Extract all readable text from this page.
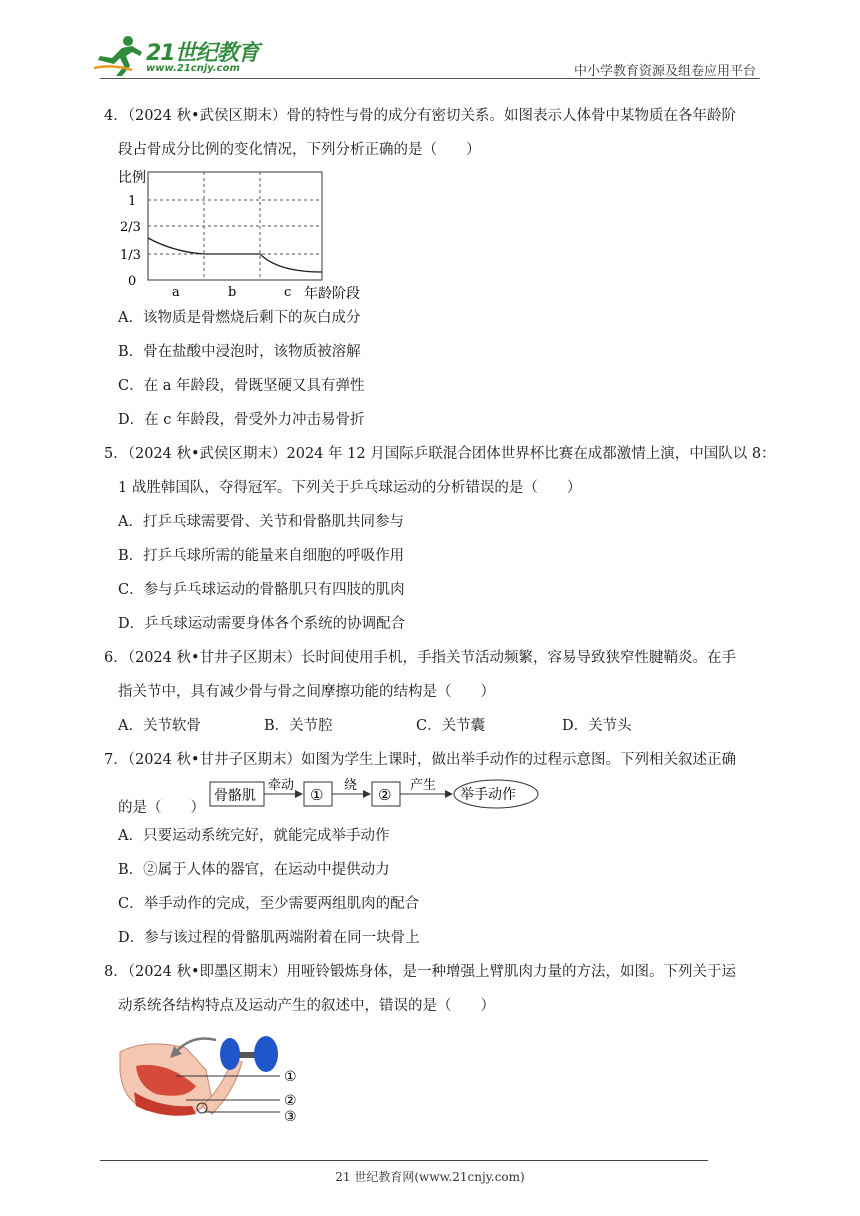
21世纪教育
www.21cnjy.com	中小学教育资源及组卷应用平台
4．（2024 秋•武侯区期末）骨的特性与骨的成分有密切关系。如图表示人体骨中某物质在各年龄阶
段占骨成分比例的变化情况，下列分析正确的是（　　）
比例
1
2/3
1/3
0
a	b	c 年龄阶段
A．该物质是骨燃烧后剩下的灰白成分
B．骨在盐酸中浸泡时，该物质被溶解
C．在 a 年龄段，骨既坚硬又具有弹性
D．在 c 年龄段，骨受外力冲击易骨折
5．（2024 秋•武侯区期末）2024 年 12 月国际乒联混合团体世界杯比赛在成都激情上演，中国队以 8：
1 战胜韩国队，夺得冠军。下列关于乒乓球运动的分析错误的是（　　）
A．打乒乓球需要骨、关节和骨骼肌共同参与
B．打乒乓球所需的能量来自细胞的呼吸作用
C．参与乒乓球运动的骨骼肌只有四肢的肌肉
D．乒乓球运动需要身体各个系统的协调配合
6．（2024 秋•甘井子区期末）长时间使用手机，手指关节活动频繁，容易导致狭窄性腱鞘炎。在手
指关节中，具有减少骨与骨之间摩擦功能的结构是（　　）
A．关节软骨	B．关节腔	C．关节囊	D．关节头
7．（2024 秋•甘井子区期末）如图为学生上课时，做出举手动作的过程示意图。下列相关叙述正确
的是（　　）
骨骼肌
牵动
①
绕
②
产生
举手动作
A．只要运动系统完好，就能完成举手动作
B．②属于人体的器官，在运动中提供动力
C．举手动作的完成，至少需要两组肌肉的配合
D．参与该过程的骨骼肌两端附着在同一块骨上
8．（2024 秋•即墨区期末）用哑铃锻炼身体，是一种增强上臂肌肉力量的方法，如图。下列关于运
动系统各结构特点及运动产生的叙述中，错误的是（　　）
①
②
③
21 世纪教育网(www.21cnjy.com)
